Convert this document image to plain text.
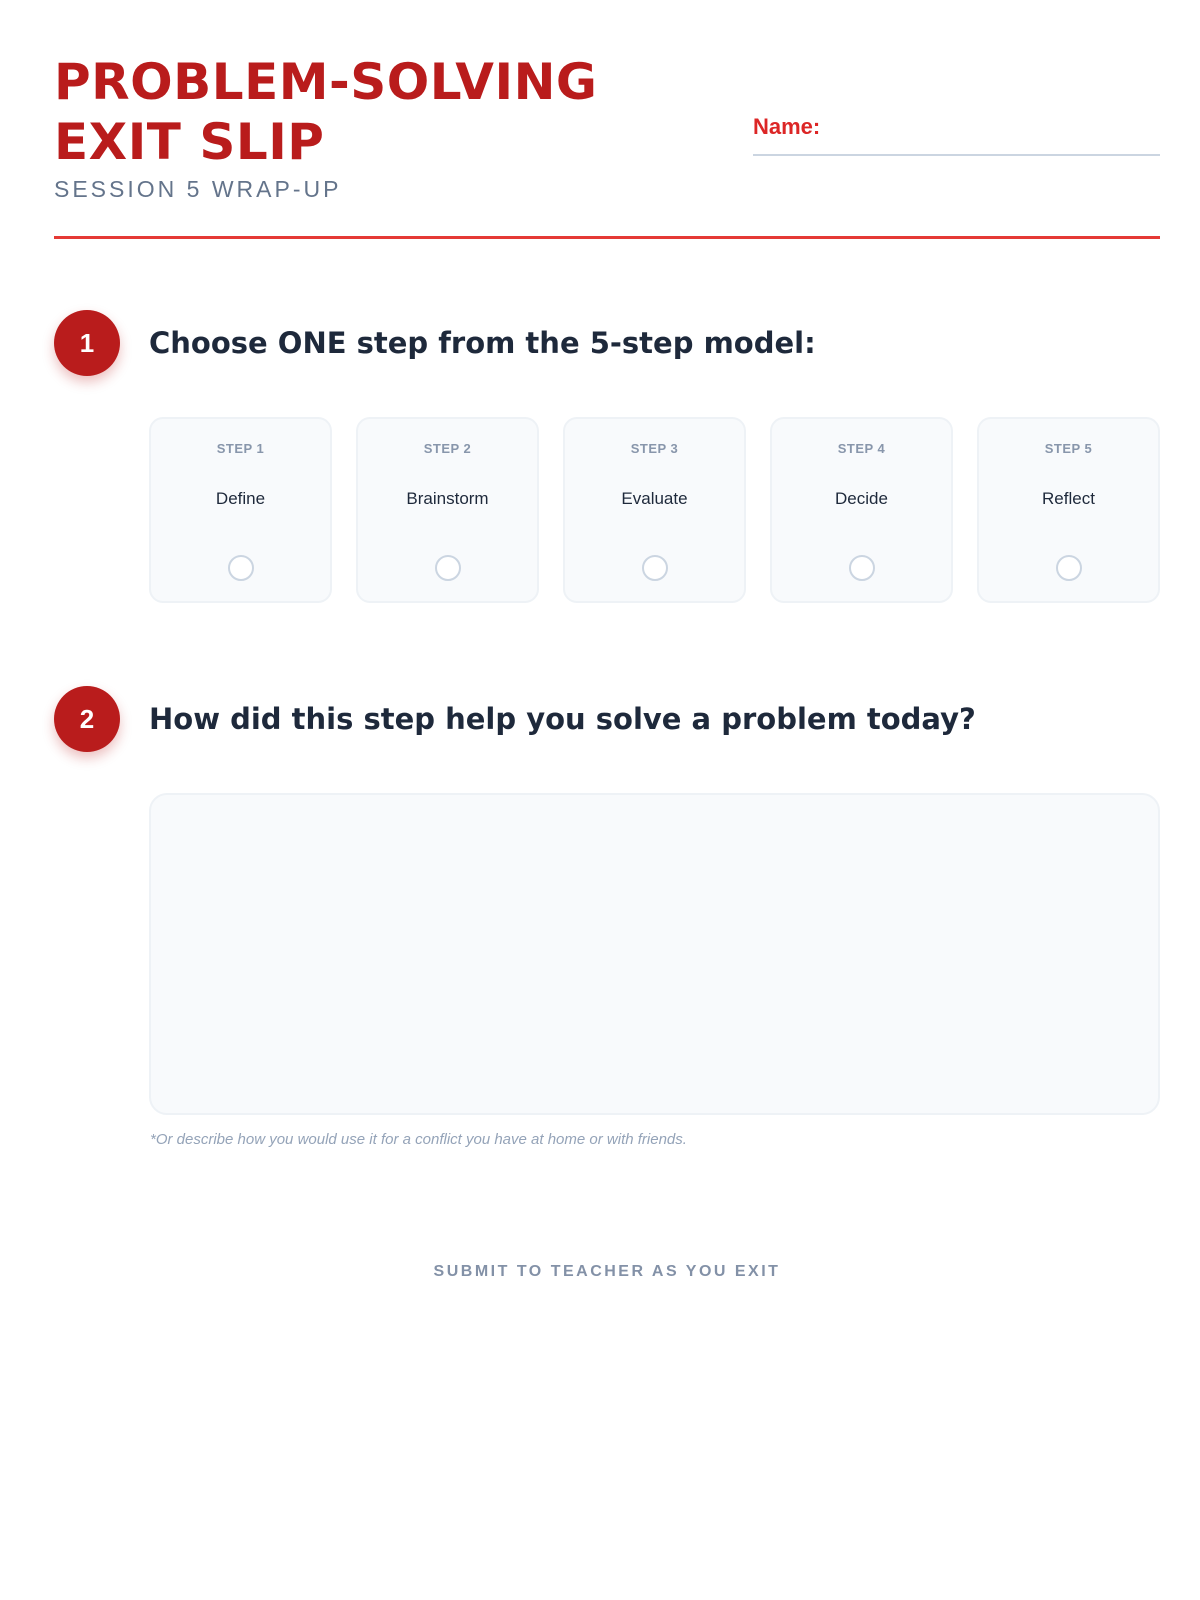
PROBLEM-SOLVING EXIT SLIP
SESSION 5 WRAP-UP
Name:
1	Choose ONE step from the 5-step model:
STEP 1
Define
STEP 2
Brainstorm
STEP 3
Evaluate
STEP 4
Decide
STEP 5
Reflect
2	How did this step help you solve a problem today?
*Or describe how you would use it for a conflict you have at home or with friends.
SUBMIT TO TEACHER AS YOU EXIT
